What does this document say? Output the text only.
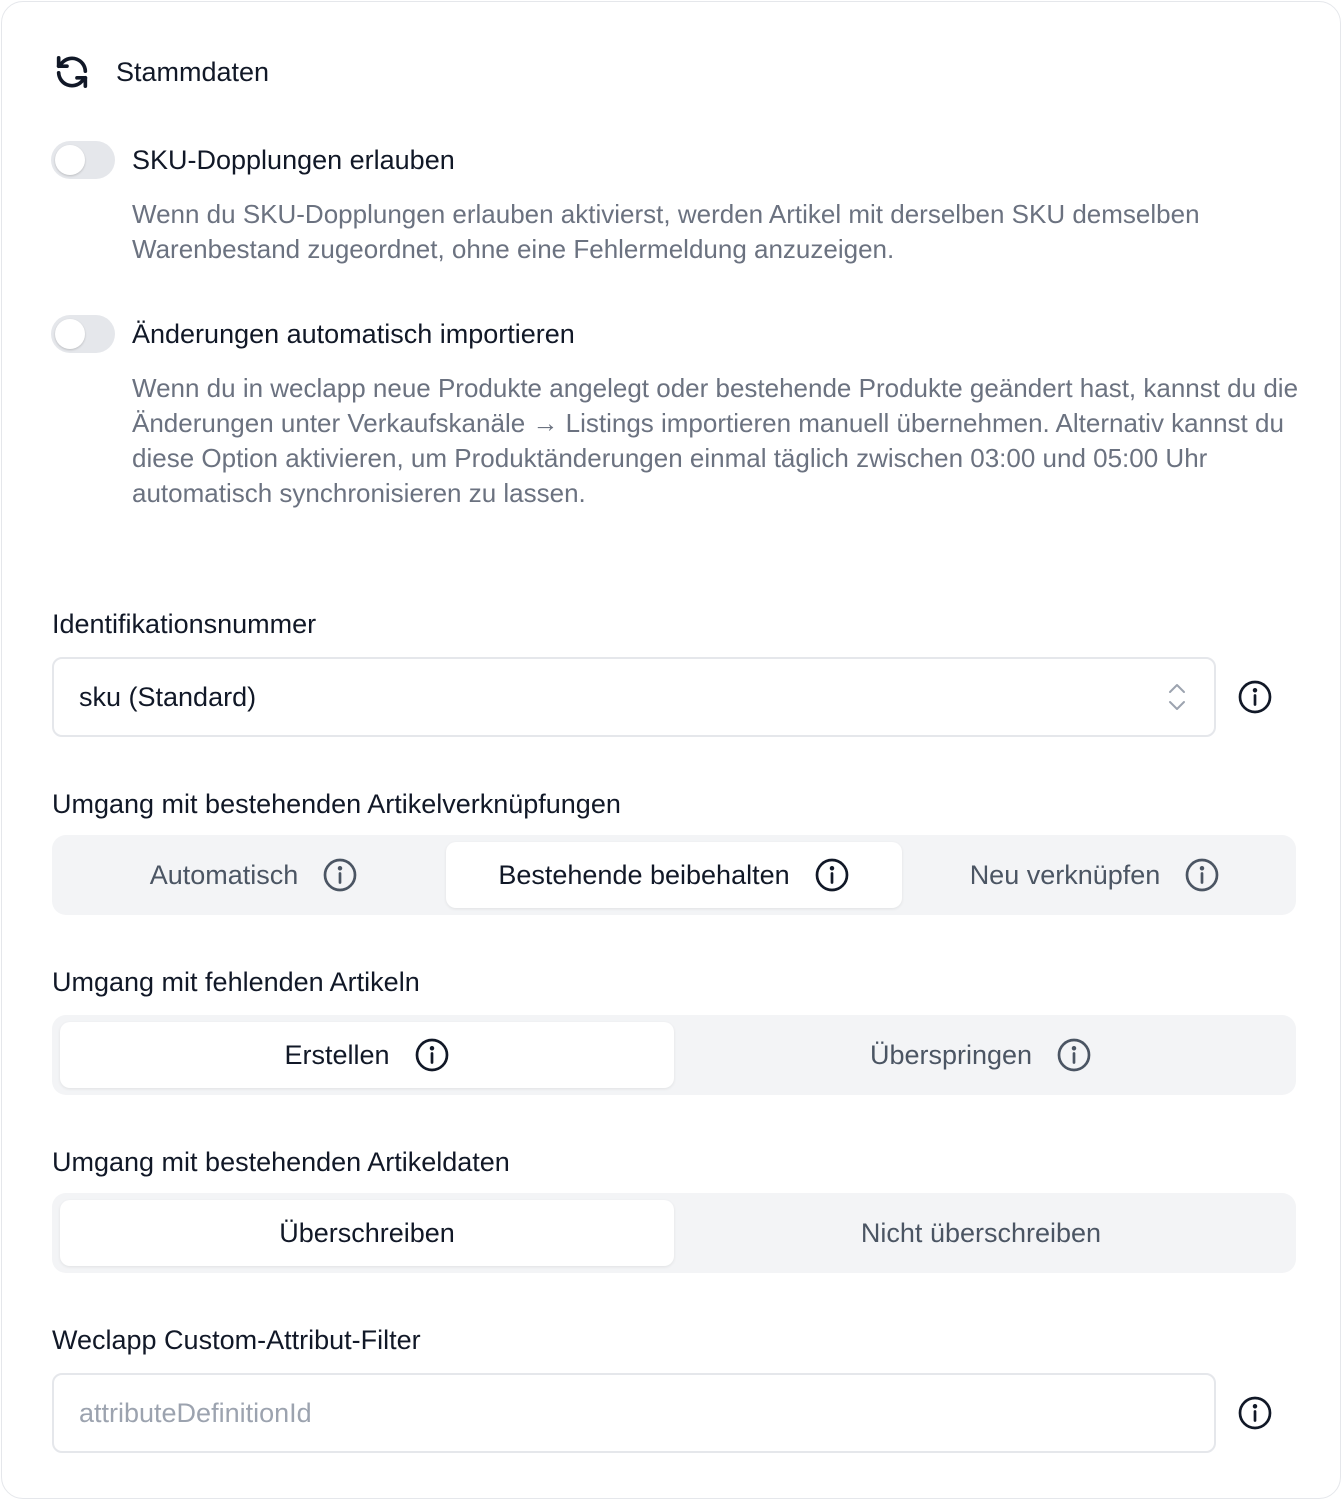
Stammdaten
SKU-Dopplungen erlauben
Wenn du SKU-Dopplungen erlauben aktivierst, werden Artikel mit derselben SKU demselben Warenbestand zugeordnet, ohne eine Fehlermeldung anzuzeigen.
Änderungen automatisch importieren
Wenn du in weclapp neue Produkte angelegt oder bestehende Produkte geändert hast, kannst du die Änderungen unter Verkaufskanäle → Listings importieren manuell übernehmen. Alternativ kannst du diese Option aktivieren, um Produktänderungen einmal täglich zwischen 03:00 und 05:00 Uhr automatisch synchronisieren zu lassen.
Identifikationsnummer
sku (Standard)
Umgang mit bestehenden Artikelverknüpfungen
Automatisch	Bestehende beibehalten	Neu verknüpfen
Umgang mit fehlenden Artikeln
Erstellen	Überspringen
Umgang mit bestehenden Artikeldaten
Überschreiben	Nicht überschreiben
Weclapp Custom-Attribut-Filter
attributeDefinitionId
